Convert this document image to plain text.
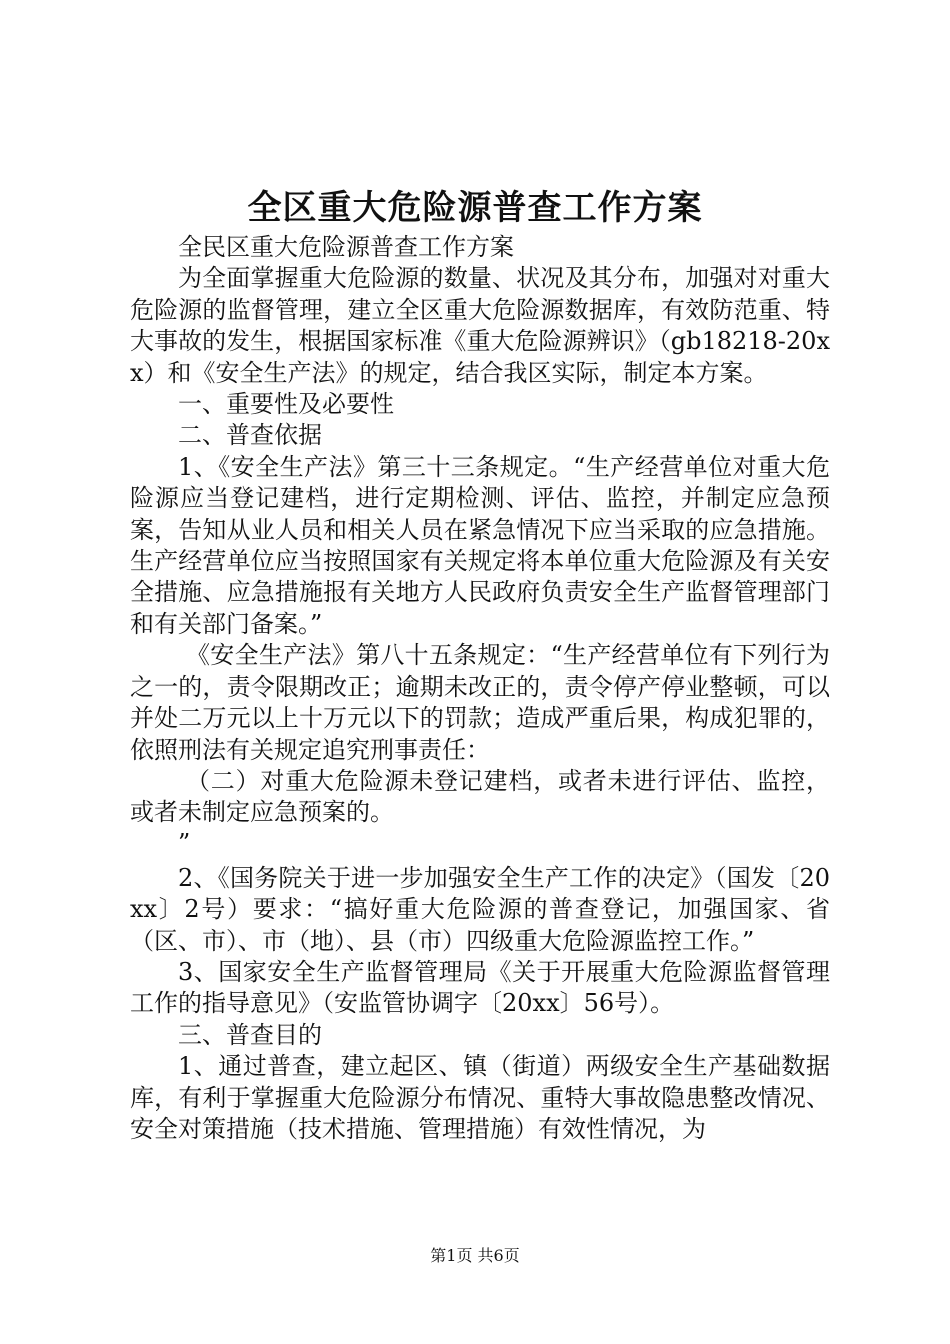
全区重大危险源普查工作方案

全民区重大危险源普查工作方案

为全面掌握重大危险源的数量、状况及其分布，加强对对重大危险源的监督管理，建立全区重大危险源数据库，有效防范重、特大事故的发生，根据国家标准《重大危险源辨识》（gb18218-20xx）和《安全生产法》的规定，结合我区实际，制定本方案。

一、重要性及必要性

二、普查依据

1、《安全生产法》第三十三条规定。“生产经营单位对重大危险源应当登记建档，进行定期检测、评估、监控，并制定应急预案，告知从业人员和相关人员在紧急情况下应当采取的应急措施。生产经营单位应当按照国家有关规定将本单位重大危险源及有关安全措施、应急措施报有关地方人民政府负责安全生产监督管理部门和有关部门备案。”

《安全生产法》第八十五条规定：“生产经营单位有下列行为之一的，责令限期改正；逾期未改正的，责令停产停业整顿，可以并处二万元以上十万元以下的罚款；造成严重后果，构成犯罪的，依照刑法有关规定追究刑事责任：

（二）对重大危险源未登记建档，或者未进行评估、监控，或者未制定应急预案的。

”

2、《国务院关于进一步加强安全生产工作的决定》（国发〔20xx〕2号）要求：“搞好重大危险源的普查登记，加强国家、省（区、市）、市（地）、县（市）四级重大危险源监控工作。”

3、国家安全生产监督管理局《关于开展重大危险源监督管理工作的指导意见》（安监管协调字〔20xx〕56号）。

三、普查目的

1、通过普查，建立起区、镇（街道）两级安全生产基础数据库，有利于掌握重大危险源分布情况、重特大事故隐患整改情况、安全对策措施（技术措施、管理措施）有效性情况，为

第1页 共6页
